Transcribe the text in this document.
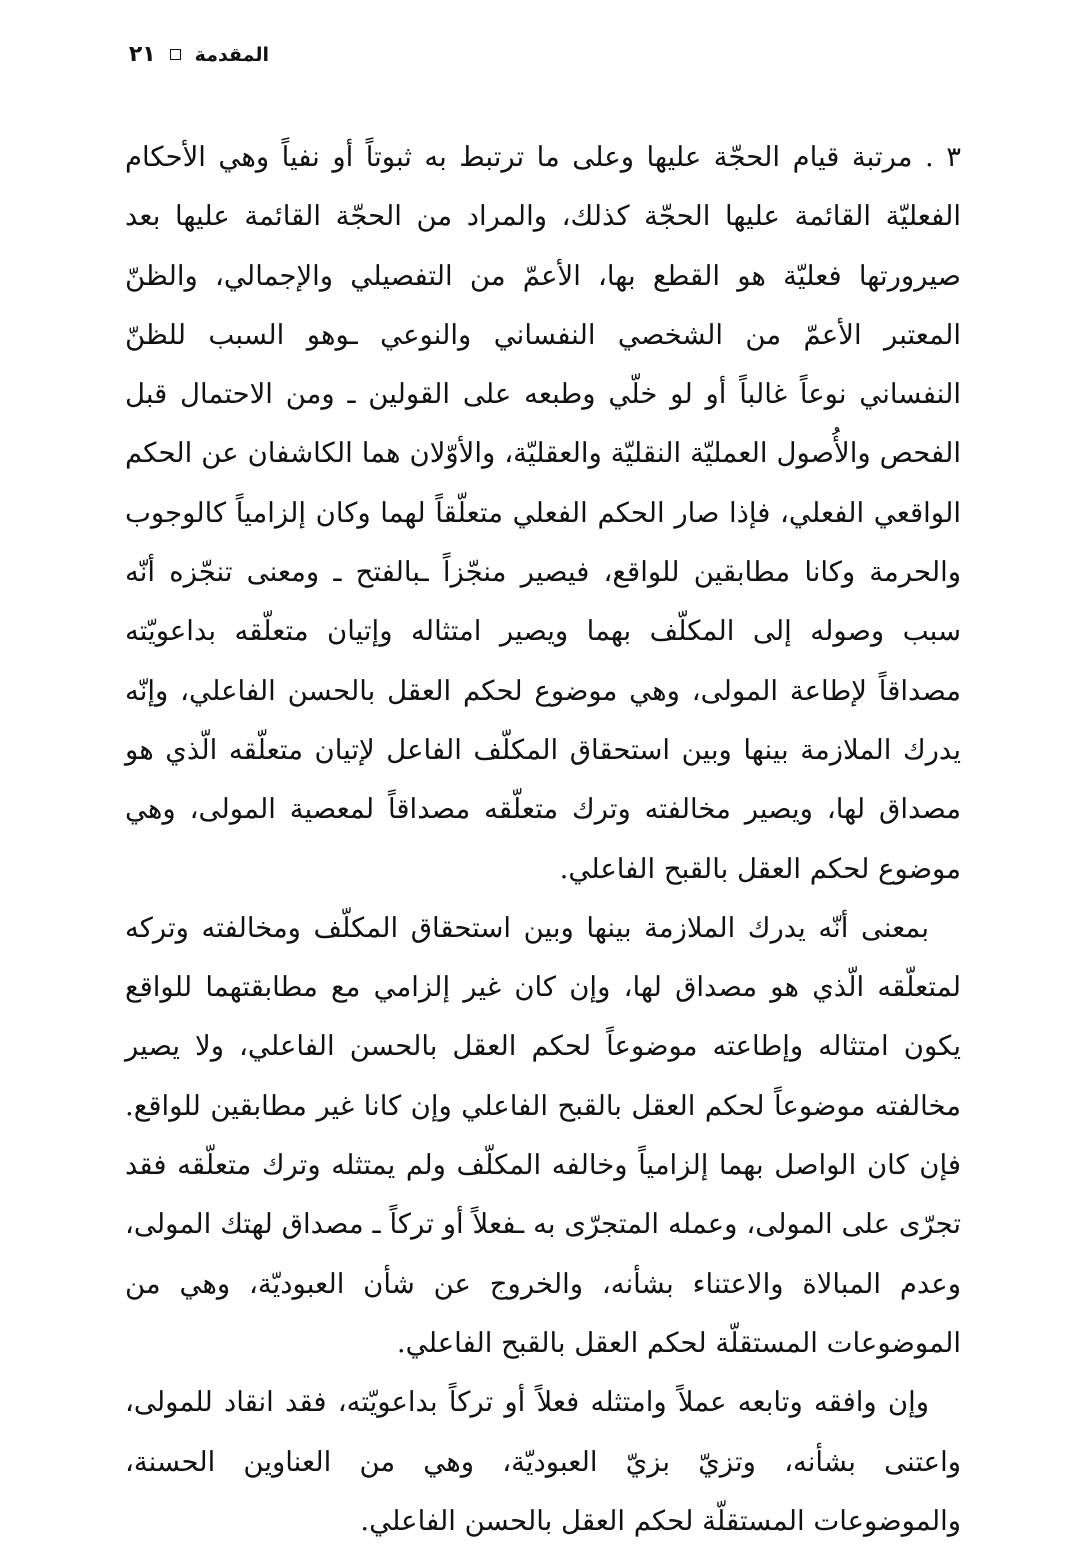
المقدمة
٢١

٣ . مرتبة قيام الحجّة عليها وعلى ما ترتبط به ثبوتاً أو نفياً وهي الأحكام الفعليّة القائمة عليها الحجّة كذلك، والمراد من الحجّة القائمة عليها بعد صيرورتها فعليّة هو القطع بها، الأعمّ من التفصيلي والإجمالي، والظنّ المعتبر الأعمّ من الشخصي النفساني والنوعي ـوهو السبب للظنّ النفساني نوعاً غالباً أو لو خلّي وطبعه على القولين ـ ومن الاحتمال قبل الفحص والأُصول العمليّة النقليّة والعقليّة، والأوّلان هما الكاشفان عن الحكم الواقعي الفعلي، فإذا صار الحكم الفعلي متعلّقاً لهما وكان إلزامياً كالوجوب والحرمة وكانا مطابقين للواقع، فيصير منجّزاً ـبالفتح ـ ومعنى تنجّزه أنّه سبب وصوله إلى المكلّف بهما ويصير امتثاله وإتيان متعلّقه بداعويّته مصداقاً لإطاعة المولى، وهي موضوع لحكم العقل بالحسن الفاعلي، وإنّه يدرك الملازمة بينها وبين استحقاق المكلّف الفاعل لإتيان متعلّقه الّذي هو مصداق لها، ويصير مخالفته وترك متعلّقه مصداقاً لمعصية المولى، وهي موضوع لحكم العقل بالقبح الفاعلي.

بمعنى أنّه يدرك الملازمة بينها وبين استحقاق المكلّف ومخالفته وتركه لمتعلّقه الّذي هو مصداق لها، وإن كان غير إلزامي مع مطابقتهما للواقع يكون امتثاله وإطاعته موضوعاً لحكم العقل بالحسن الفاعلي، ولا يصير مخالفته موضوعاً لحكم العقل بالقبح الفاعلي وإن كانا غير مطابقين للواقع. فإن كان الواصل بهما إلزامياً وخالفه المكلّف ولم يمتثله وترك متعلّقه فقد تجرّى على المولى، وعمله المتجرّى به ـفعلاً أو تركاً ـ مصداق لهتك المولى، وعدم المبالاة والاعتناء بشأنه، والخروج عن شأن العبوديّة، وهي من الموضوعات المستقلّة لحكم العقل بالقبح الفاعلي.

وإن وافقه وتابعه عملاً وامتثله فعلاً أو تركاً بداعويّته، فقد انقاد للمولى، واعتنى بشأنه، وتزيّ بزيّ العبوديّة، وهي من العناوين الحسنة، والموضوعات المستقلّة لحكم العقل بالحسن الفاعلي.
